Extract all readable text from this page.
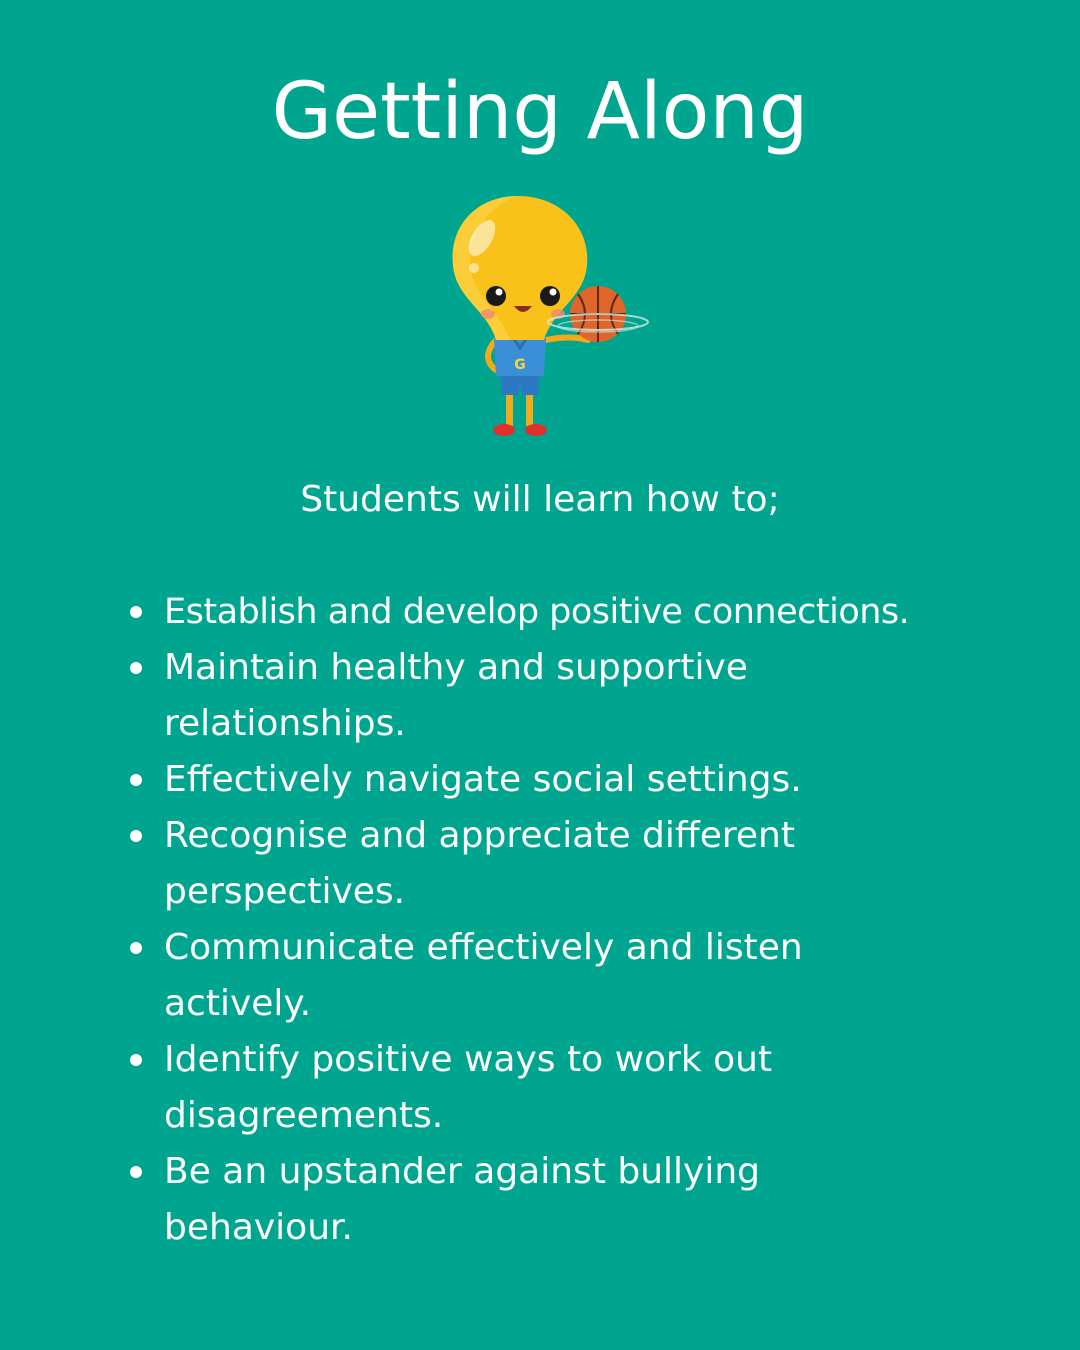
Getting Along
G
Students will learn how to;
Establish and develop positive connections.
Maintain healthy and supportive relationships.
Effectively navigate social settings.
Recognise and appreciate different perspectives.
Communicate effectively and listen actively.
Identify positive ways to work out disagreements.
Be an upstander against bullying behaviour.
